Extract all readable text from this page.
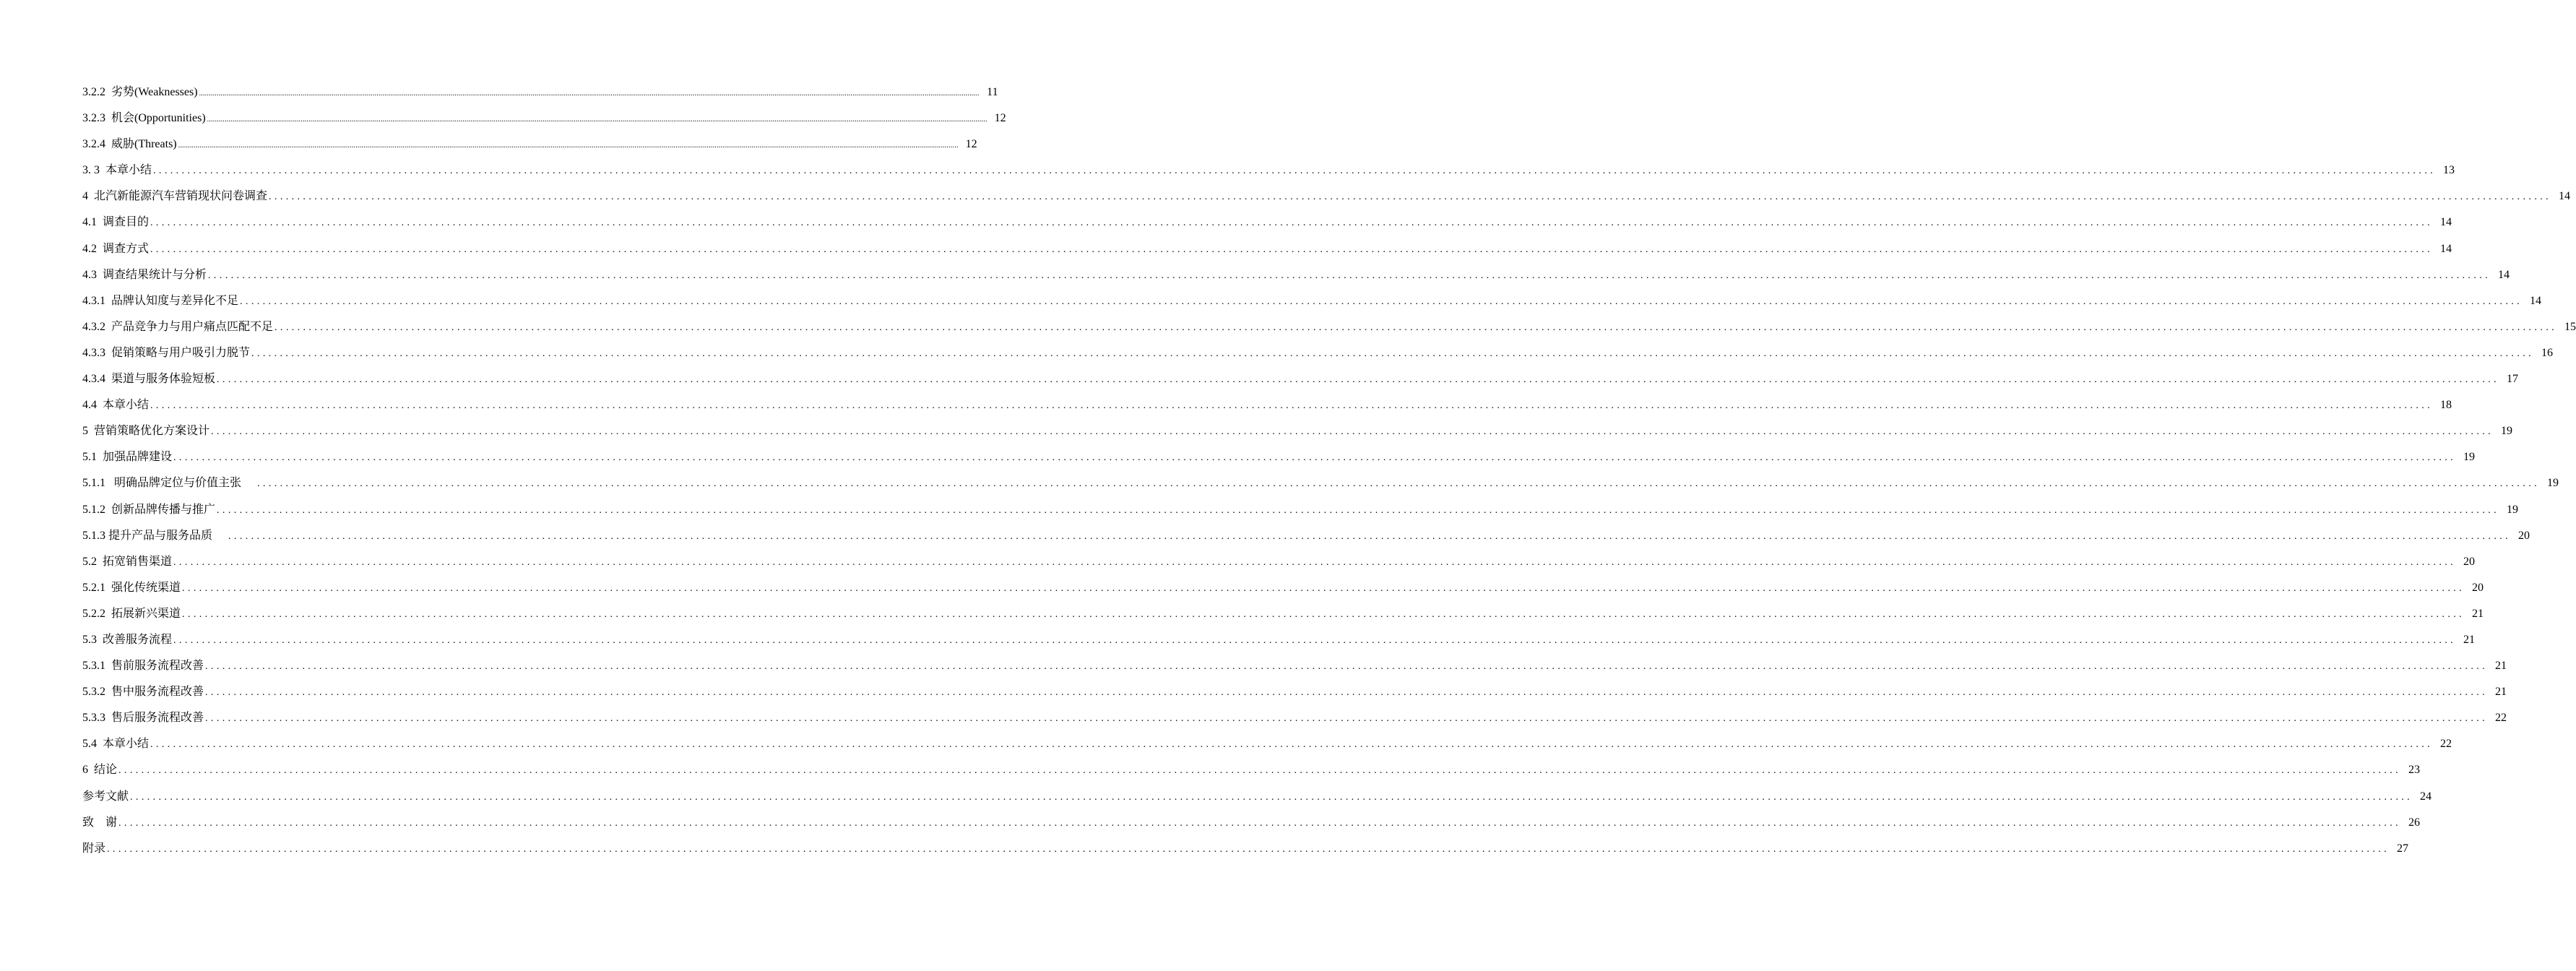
3.2.2  劣势(Weaknesses) ................................................................................................................................................................................................................................................................................................................................................................................................................ 11
3.2.3  机会(Opportunities) ................................................................................................................................................................................................................................................................................................................................................................................................................ 12
3.2.4  威胁(Threats) ................................................................................................................................................................................................................................................................................................................................................................................................................ 12
3. 3  本章小结 ................................................................................................................................................................................................................................................................................................................................................................................................................ 13
4  北汽新能源汽车营销现状问卷调查 ................................................................................................................................................................................................................................................................................................................................................................................................................ 14
4.1  调查目的 ................................................................................................................................................................................................................................................................................................................................................................................................................ 14
4.2  调查方式 ................................................................................................................................................................................................................................................................................................................................................................................................................ 14
4.3  调查结果统计与分析 ................................................................................................................................................................................................................................................................................................................................................................................................................ 14
4.3.1  品牌认知度与差异化不足 ................................................................................................................................................................................................................................................................................................................................................................................................................ 14
4.3.2  产品竞争力与用户痛点匹配不足 ................................................................................................................................................................................................................................................................................................................................................................................................................ 15
4.3.3  促销策略与用户吸引力脱节 ................................................................................................................................................................................................................................................................................................................................................................................................................ 16
4.3.4  渠道与服务体验短板 ................................................................................................................................................................................................................................................................................................................................................................................................................ 17
4.4  本章小结 ................................................................................................................................................................................................................................................................................................................................................................................................................ 18
5  营销策略优化方案设计 ................................................................................................................................................................................................................................................................................................................................................................................................................ 19
5.1  加强品牌建设 ................................................................................................................................................................................................................................................................................................................................................................................................................ 19
5.1.1   明确品牌定位与价值主张 ................................................................................................................................................................................................................................................................................................................................................................................................................ 19
5.1.2  创新品牌传播与推广 ................................................................................................................................................................................................................................................................................................................................................................................................................ 19
5.1.3 提升产品与服务品质 ................................................................................................................................................................................................................................................................................................................................................................................................................ 20
5.2  拓宽销售渠道 ................................................................................................................................................................................................................................................................................................................................................................................................................ 20
5.2.1  强化传统渠道 ................................................................................................................................................................................................................................................................................................................................................................................................................ 20
5.2.2  拓展新兴渠道 ................................................................................................................................................................................................................................................................................................................................................................................................................ 21
5.3  改善服务流程 ................................................................................................................................................................................................................................................................................................................................................................................................................ 21
5.3.1  售前服务流程改善 ................................................................................................................................................................................................................................................................................................................................................................................................................ 21
5.3.2  售中服务流程改善 ................................................................................................................................................................................................................................................................................................................................................................................................................ 21
5.3.3  售后服务流程改善 ................................................................................................................................................................................................................................................................................................................................................................................................................ 22
5.4  本章小结 ................................................................................................................................................................................................................................................................................................................................................................................................................ 22
6  结论 ................................................................................................................................................................................................................................................................................................................................................................................................................ 23
参考文献 ................................................................................................................................................................................................................................................................................................................................................................................................................ 24
致    谢 ................................................................................................................................................................................................................................................................................................................................................................................................................ 26
附录 ................................................................................................................................................................................................................................................................................................................................................................................................................ 27
